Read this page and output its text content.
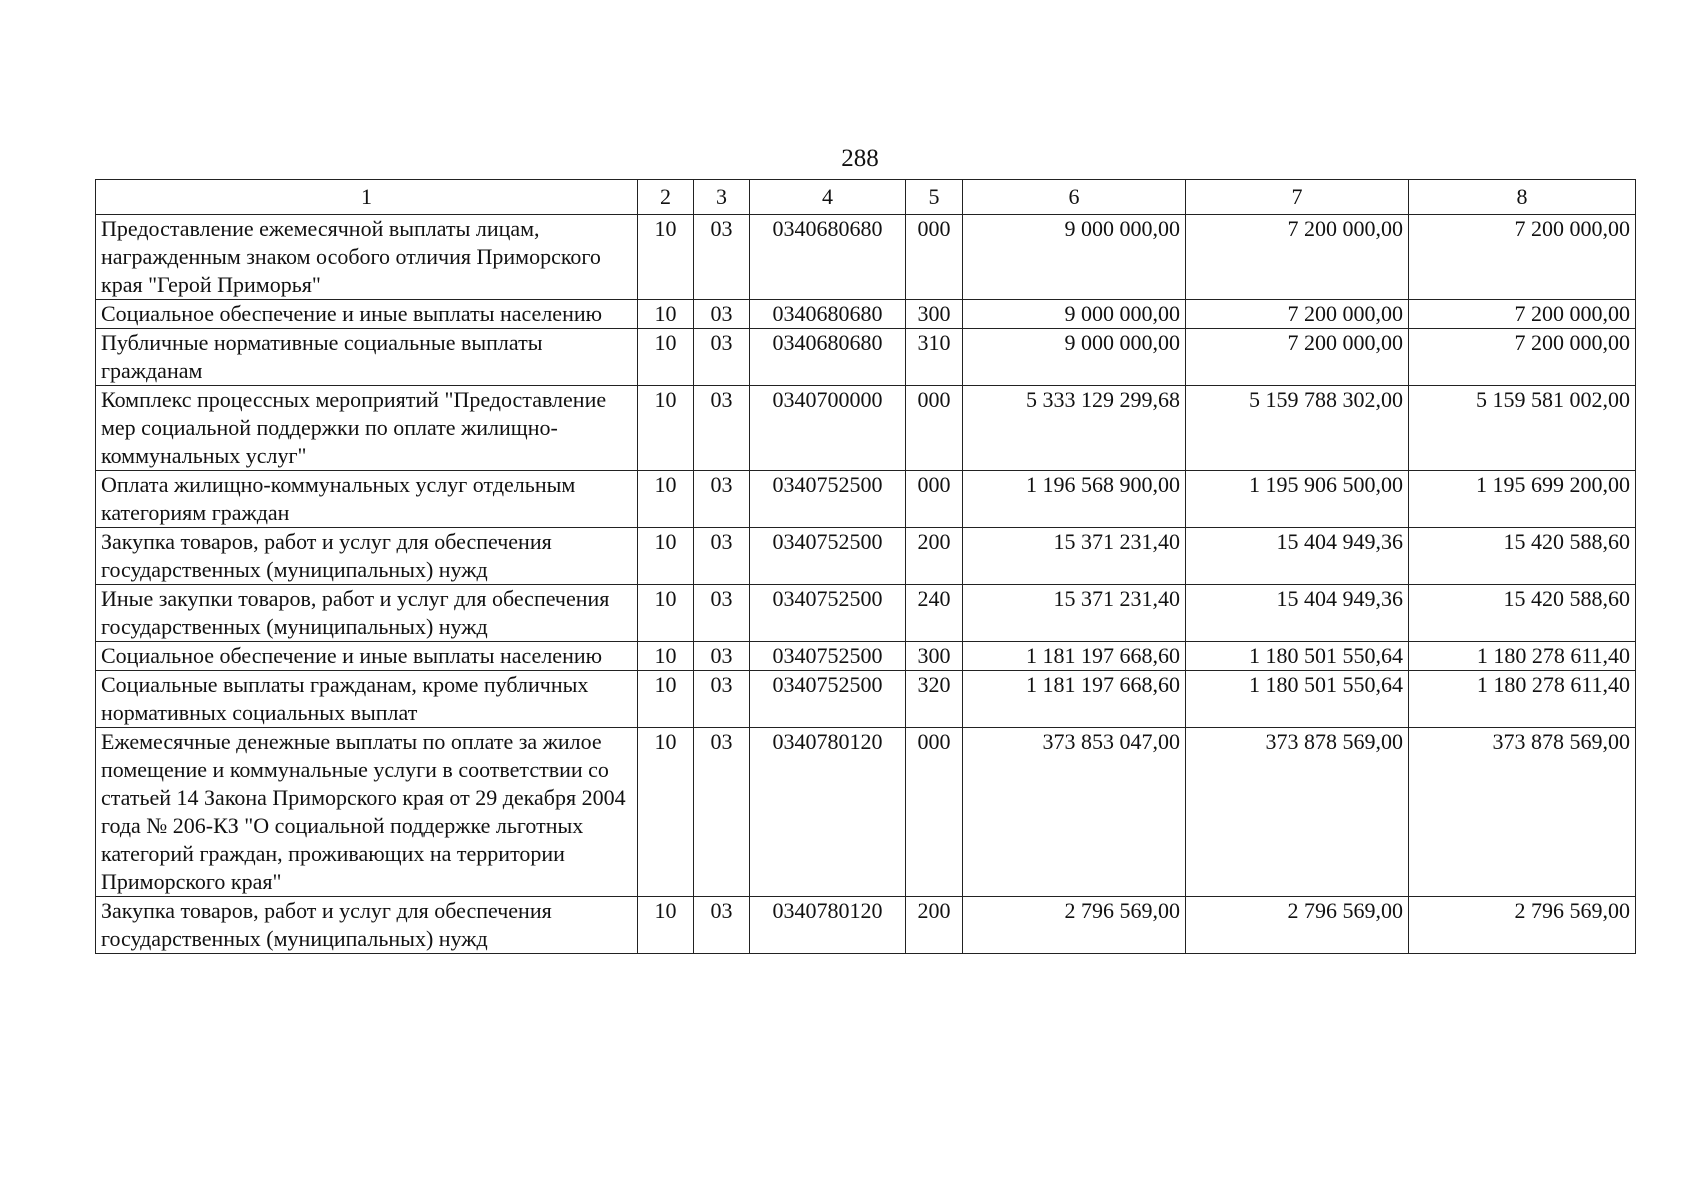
288
1	2	3	4	5	6	7	8
Предоставление ежемесячной выплаты лицам, награжденным знаком особого отличия Приморского края "Герой Приморья"	10	03	0340680680	000	9 000 000,00	7 200 000,00	7 200 000,00
Социальное обеспечение и иные выплаты населению	10	03	0340680680	300	9 000 000,00	7 200 000,00	7 200 000,00
Публичные нормативные социальные выплаты гражданам	10	03	0340680680	310	9 000 000,00	7 200 000,00	7 200 000,00
Комплекс процессных мероприятий "Предоставление мер социальной поддержки по оплате жилищно-коммунальных услуг"	10	03	0340700000	000	5 333 129 299,68	5 159 788 302,00	5 159 581 002,00
Оплата жилищно-коммунальных услуг отдельным категориям граждан	10	03	0340752500	000	1 196 568 900,00	1 195 906 500,00	1 195 699 200,00
Закупка товаров, работ и услуг для обеспечения государственных (муниципальных) нужд	10	03	0340752500	200	15 371 231,40	15 404 949,36	15 420 588,60
Иные закупки товаров, работ и услуг для обеспечения государственных (муниципальных) нужд	10	03	0340752500	240	15 371 231,40	15 404 949,36	15 420 588,60
Социальное обеспечение и иные выплаты населению	10	03	0340752500	300	1 181 197 668,60	1 180 501 550,64	1 180 278 611,40
Социальные выплаты гражданам, кроме публичных нормативных социальных выплат	10	03	0340752500	320	1 181 197 668,60	1 180 501 550,64	1 180 278 611,40
Ежемесячные денежные выплаты по оплате за жилое помещение и коммунальные услуги в соответствии со статьей 14 Закона Приморского края от 29 декабря 2004 года № 206-КЗ "О социальной поддержке льготных категорий граждан, проживающих на территории Приморского края"	10	03	0340780120	000	373 853 047,00	373 878 569,00	373 878 569,00
Закупка товаров, работ и услуг для обеспечения государственных (муниципальных) нужд	10	03	0340780120	200	2 796 569,00	2 796 569,00	2 796 569,00
